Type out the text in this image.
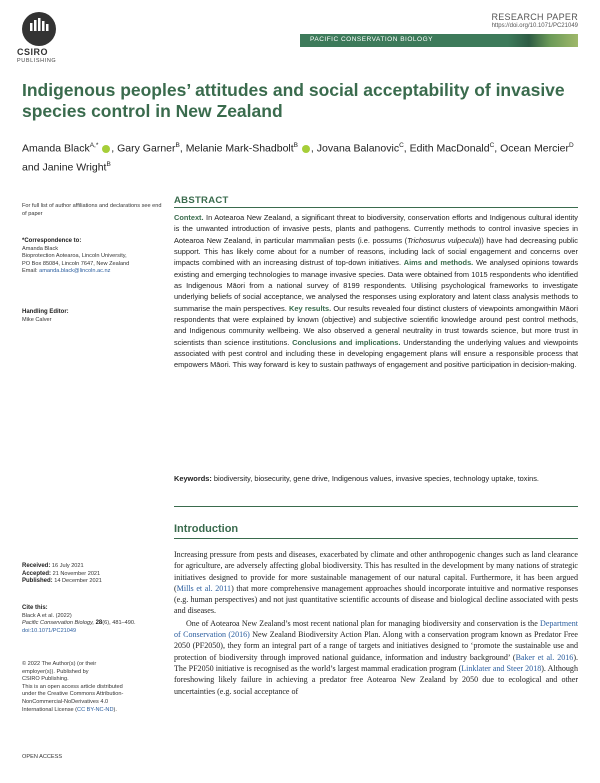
CSIRO
PUBLISHING
RESEARCH PAPER
https://doi.org/10.1071/PC21049
PACIFIC CONSERVATION BIOLOGY
Indigenous peoples’ attitudes and social acceptability of invasive species control in New Zealand
Amanda Black$^{A,*}$ , Gary Garner$^B$, Melanie Mark-Shadbolt$^B$ , Jovana Balanovic$^C$, Edith MacDonald$^C$, Ocean Mercier$^D$ and Janine Wright$^B$
For full list of author affiliations and declarations see end of paper
*Correspondence to:
Amanda Black
Bioprotection Aotearoa, Lincoln University,
PO Box 85084, Lincoln 7647, New Zealand
Email: amanda.black@lincoln.ac.nz
Handling Editor:
Mike Calver
Received: 16 July 2021
Accepted: 21 November 2021
Published: 14 December 2021
Cite this:
Black A et al. (2022)
Pacific Conservation Biology, 28(6), 481–490.
doi:10.1071/PC21049
© 2022 The Author(s) (or their
employer(s)). Published by
CSIRO Publishing.
This is an open access article distributed
under the Creative Commons Attribution-
NonCommercial-NoDerivatives 4.0
International License (CC BY-NC-ND).
OPEN ACCESS
ABSTRACT
Context. In Aotearoa New Zealand, a significant threat to biodiversity, conservation efforts and Indigenous cultural identity is the unwanted introduction of invasive pests, plants and pathogens. Currently methods to control invasive species in Aotearoa New Zealand, in particular mammalian pests (i.e. possums (Trichosurus vulpecula)) have had decreasing public support. This has likely come about for a number of reasons, including lack of social engagement and concerns over impacts combined with an increasing distrust of top-down initiatives. Aims and methods. We analysed opinions towards existing and emerging technologies to manage invasive species. Data were obtained from 1015 respondents who identified as Indigenous Māori from a national survey of 8199 respondents. Utilising psychological frameworks to investigate underlying beliefs of social acceptance, we analysed the responses using exploratory and latent class analysis methods to summarise the main perspectives. Key results. Our results revealed four distinct clusters of viewpoints amongwithin Māori respondents that were explained by known (objective) and subjective scientific knowledge around pest control methods, and Indigenous community wellbeing. We also observed a general neutrality in trust towards science, but more trust in scientists than science institutions. Conclusions and implications. Understanding the underlying values and viewpoints associated with pest control and including these in developing engagement plans will ensure a responsible process that empowers Māori. This way forward is key to sustain pathways of engagement and positive participation in decision-making.
Keywords: biodiversity, biosecurity, gene drive, Indigenous values, invasive species, technology uptake, toxins.
Introduction

Increasing pressure from pests and diseases, exacerbated by climate and other anthropogenic changes such as land clearance for agriculture, are adversely affecting global biodiversity. This has resulted in the development by many nations of strategic initiatives designed to provide for more sustainable management of our natural capital. Furthermore, it has been argued (Mills et al. 2011) that more comprehensive management approaches should incorporate intuitive and normative responses (e.g. human perspectives) and not just quantitative scientific accounts of disease and biological decline associated with pests and diseases.

One of Aotearoa New Zealand’s most recent national plan for managing biodiversity and conservation is the Department of Conservation (2016) New Zealand Biodiversity Action Plan. Along with a conservation program known as Predator Free 2050 (PF2050), they form an integral part of a range of targets and initiatives designed to ‘promote the sustainable use and protection of biodiversity through improved national guidance, information and industry background’ (Baker et al. 2016). The PF2050 initiative is recognised as the world’s largest mammal eradication program (Linklater and Steer 2018). Although foreshowing likely failure in achieving a predator free Aotearoa New Zealand by 2050 due to ecological and other uncertainties (e.g. social acceptance of
